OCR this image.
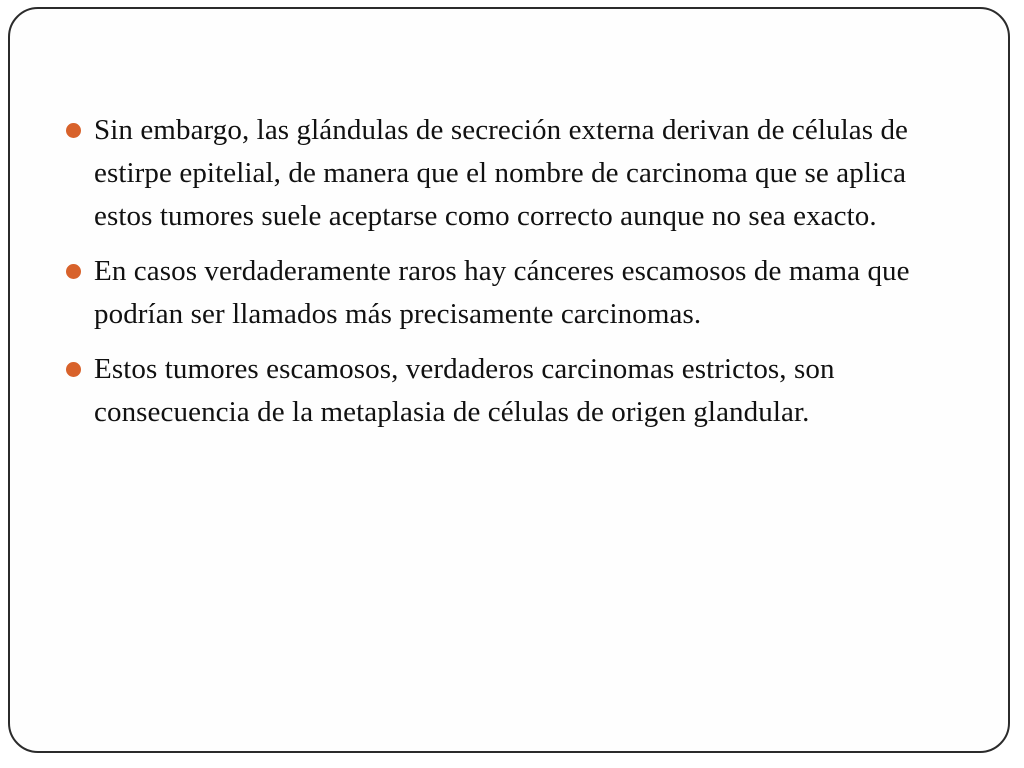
Sin embargo, las glándulas de secreción externa derivan de células de estirpe epitelial, de manera que el nombre de carcinoma que se aplica estos tumores suele aceptarse como correcto aunque no sea exacto.
En casos verdaderamente raros hay cánceres escamosos de mama que podrían ser llamados más precisamente carcinomas.
Estos tumores escamosos, verdaderos carcinomas estrictos, son consecuencia de la metaplasia de células de origen glandular.
